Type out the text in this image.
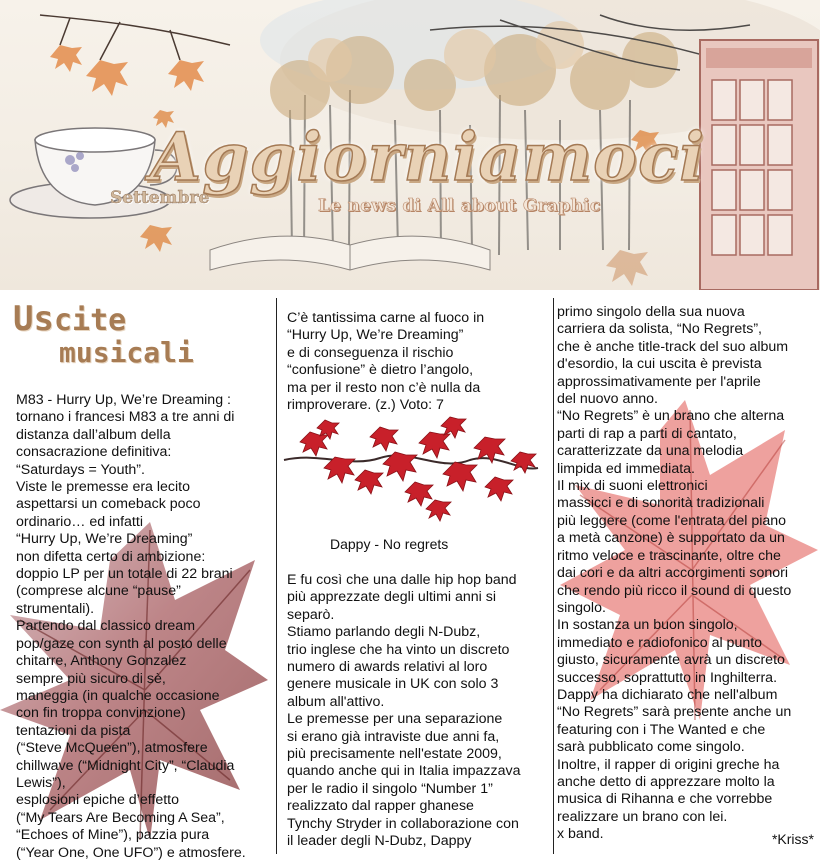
Aggiorniamoci
Settembre	Le news di All about Graphic
Uscite
musicali
M83 - Hurry Up, We’re Dreaming :
tornano i francesi M83 a tre anni di
distanza dall’album della
consacrazione definitiva:
“Saturdays = Youth”.
Viste le premesse era lecito
aspettarsi un comeback poco
ordinario… ed infatti
“Hurry Up, We’re Dreaming”
non difetta certo di ambizione:
doppio LP per un totale di 22 brani
(comprese alcune “pause”
strumentali).
Partendo dal classico dream
pop/gaze con synth al posto delle
chitarre, Anthony Gonzalez
sempre più sicuro di sè,
maneggia (in qualche occasione
con fin troppa convinzione)
tentazioni da pista
(“Steve McQueen”), atmosfere
chillwave (“Midnight City”, “Claudia
Lewis”),
esplosioni epiche d’effetto
(“My Tears Are Becoming A Sea”,
“Echoes of Mine”), pazzia pura
(“Year One, One UFO”) e atmosfere.
C’è tantissima carne al fuoco in
“Hurry Up, We’re Dreaming”
e di conseguenza il rischio
“confusione” è dietro l’angolo,
ma per il resto non c’è nulla da
rimproverare. (z.) Voto: 7
Dappy - No regrets
E fu così che una dalle hip hop band
più apprezzate degli ultimi anni si
separò.
Stiamo parlando degli N-Dubz,
trio inglese che ha vinto un discreto
numero di awards relativi al loro
genere musicale in UK con solo 3
album all'attivo.
Le premesse per una separazione
si erano già intraviste due anni fa,
più precisamente nell'estate 2009,
quando anche qui in Italia impazzava
per le radio il singolo “Number 1”
realizzato dal rapper ghanese
Tynchy Stryder in collaborazione con
il leader degli N-Dubz, Dappy
primo singolo della sua nuova
carriera da solista, “No Regrets”,
che è anche title-track del suo album
d'esordio, la cui uscita è prevista
approssimativamente per l'aprile
del nuovo anno.
“No Regrets” è un brano che alterna
parti di rap a parti di cantato,
caratterizzate da una melodia
limpida ed immediata.
Il mix di suoni elettronici
massicci e di sonorità tradizionali
più leggere (come l'entrata del piano
a metà canzone) è supportato da un
ritmo veloce e trascinante, oltre che
dai cori e da altri accorgimenti sonori
che rendo più ricco il sound di questo
singolo.
In sostanza un buon singolo,
immediato e radiofonico al punto
giusto, sicuramente avrà un discreto
successo, soprattutto in Inghilterra.
Dappy ha dichiarato che nell'album
“No Regrets” sarà presente anche un
featuring con i The Wanted e che
sarà pubblicato come singolo.
Inoltre, il rapper di origini greche ha
anche detto di apprezzare molto la
musica di Rihanna e che vorrebbe
realizzare un brano con lei.
x band.	*Kriss*
